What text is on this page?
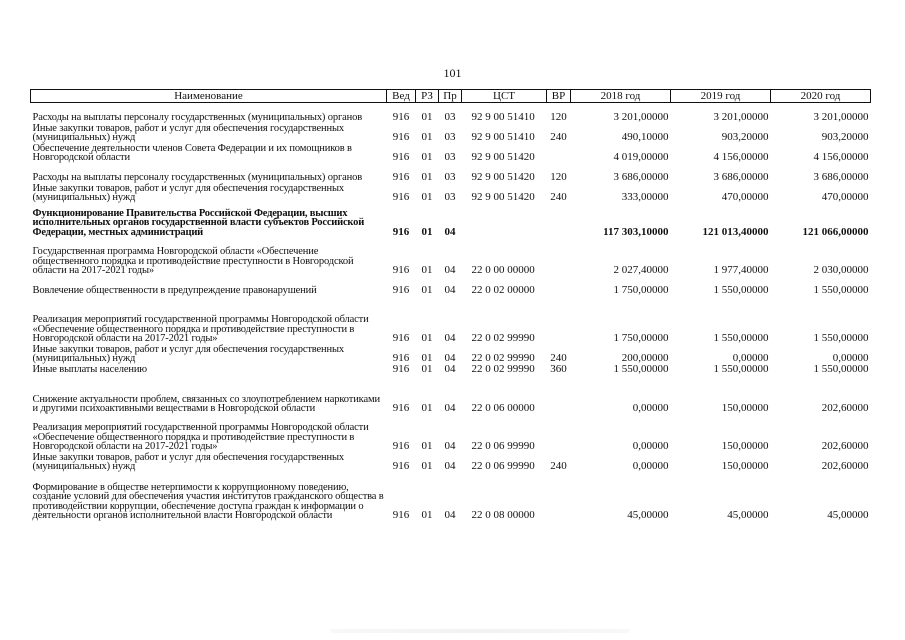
101
Наименование	Вед	РЗ	Пр	ЦСТ	ВР	2018 год	2019 год	2020 год
Расходы на выплаты персоналу государственных (муниципальных) органов	916	01	03	92 9 00 51410	120	3 201,00000	3 201,00000	3 201,00000
Иные закупки товаров, работ и услуг для обеспечения государственных (муниципальных) нужд	916	01	03	92 9 00 51410	240	490,10000	903,20000	903,20000
Обеспечение деятельности членов Совета Федерации и их помощников в Новгородской области	916	01	03	92 9 00 51420		4 019,00000	4 156,00000	4 156,00000
Расходы на выплаты персоналу государственных (муниципальных) органов	916	01	03	92 9 00 51420	120	3 686,00000	3 686,00000	3 686,00000
Иные закупки товаров, работ и услуг для обеспечения государственных (муниципальных) нужд	916	01	03	92 9 00 51420	240	333,00000	470,00000	470,00000
Функционирование Правительства Российской Федерации, высших исполнительных органов государственной власти субъектов Российской Федерации, местных администраций	916	01	04			117 303,10000	121 013,40000	121 066,00000
Государственная программа Новгородской области «Обеспечение общественного порядка и противодействие преступности в Новгородской области на 2017-2021 годы»	916	01	04	22 0 00 00000		2 027,40000	1 977,40000	2 030,00000
Вовлечение общественности в предупреждение правонарушений	916	01	04	22 0 02 00000		1 750,00000	1 550,00000	1 550,00000
Реализация мероприятий государственной программы Новгородской области «Обеспечение общественного порядка и противодействие преступности в Новгородской области на 2017-2021 годы»	916	01	04	22 0 02 99990		1 750,00000	1 550,00000	1 550,00000
Иные закупки товаров, работ и услуг для обеспечения государственных (муниципальных) нужд	916	01	04	22 0 02 99990	240	200,00000	0,00000	0,00000
Иные выплаты населению	916	01	04	22 0 02 99990	360	1 550,00000	1 550,00000	1 550,00000
Снижение актуальности проблем, связанных со злоупотреблением наркотиками и другими психоактивными веществами в Новгородской области	916	01	04	22 0 06 00000		0,00000	150,00000	202,60000
Реализация мероприятий государственной программы Новгородской области «Обеспечение общественного порядка и противодействие преступности в Новгородской области на 2017-2021 годы»	916	01	04	22 0 06 99990		0,00000	150,00000	202,60000
Иные закупки товаров, работ и услуг для обеспечения государственных (муниципальных) нужд	916	01	04	22 0 06 99990	240	0,00000	150,00000	202,60000
Формирование в обществе нетерпимости к коррупционному поведению, создание условий для обеспечения участия институтов гражданского общества в противодействии коррупции, обеспечение доступа граждан к информации о деятельности органов исполнительной власти Новгородской области	916	01	04	22 0 08 00000		45,00000	45,00000	45,00000
